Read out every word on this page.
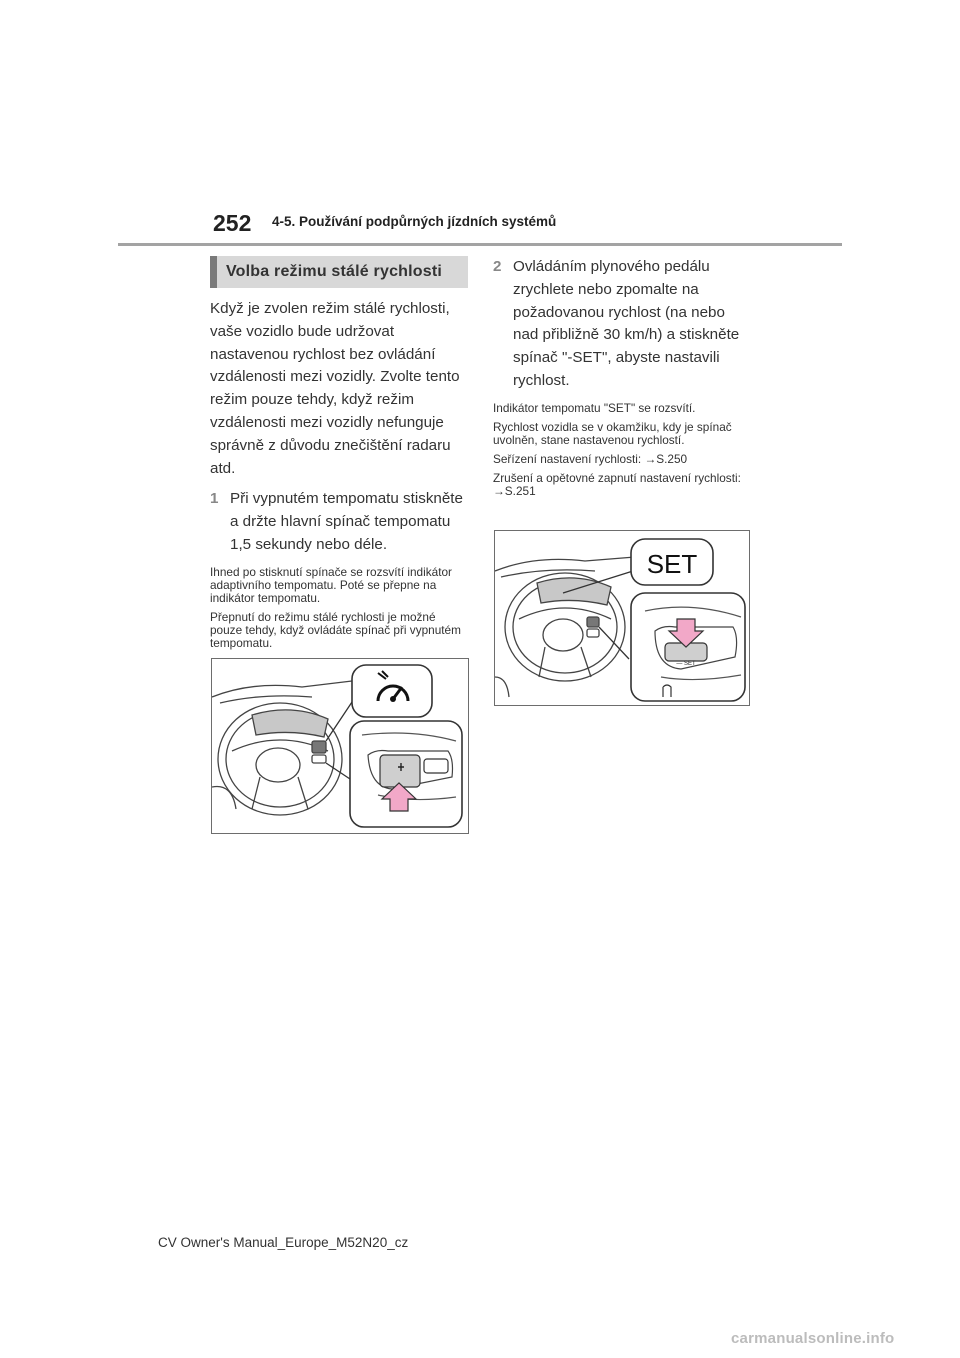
252 4-5. Používání podpůrných jízdních systémů
Volba režimu stálé rychlosti

Když je zvolen režim stálé rychlosti, vaše vozidlo bude udržovat nastavenou rychlost bez ovládání vzdálenosti mezi vozidly. Zvolte tento režim pouze tehdy, když režim vzdálenosti mezi vozidly nefunguje správně z důvodu znečištění radaru atd.

1 Při vypnutém tempomatu stiskněte a držte hlavní spínač tempomatu 1,5 sekundy nebo déle.

Ihned po stisknutí spínače se rozsvítí indikátor adaptivního tempomatu. Poté se přepne na indikátor tempomatu.

Přepnutí do režimu stálé rychlosti je možné pouze tehdy, když ovládáte spínač při vypnutém tempomatu.

2 Ovládáním plynového pedálu zrychlete nebo zpomalte na požadovanou rychlost (na nebo nad přibližně 30 km/h) a stiskněte spínač "-SET", abyste nastavili rychlost.

Indikátor tempomatu "SET" se rozsvítí.

Rychlost vozidla se v okamžiku, kdy je spínač uvolněn, stane nastavenou rychlostí.

Seřízení nastavení rychlosti: →S.250

Zrušení a opětovné zapnutí nastavení rychlosti: →S.251

SET
— SET
CV Owner's Manual_Europe_M52N20_cz
carmanualsonline.info
